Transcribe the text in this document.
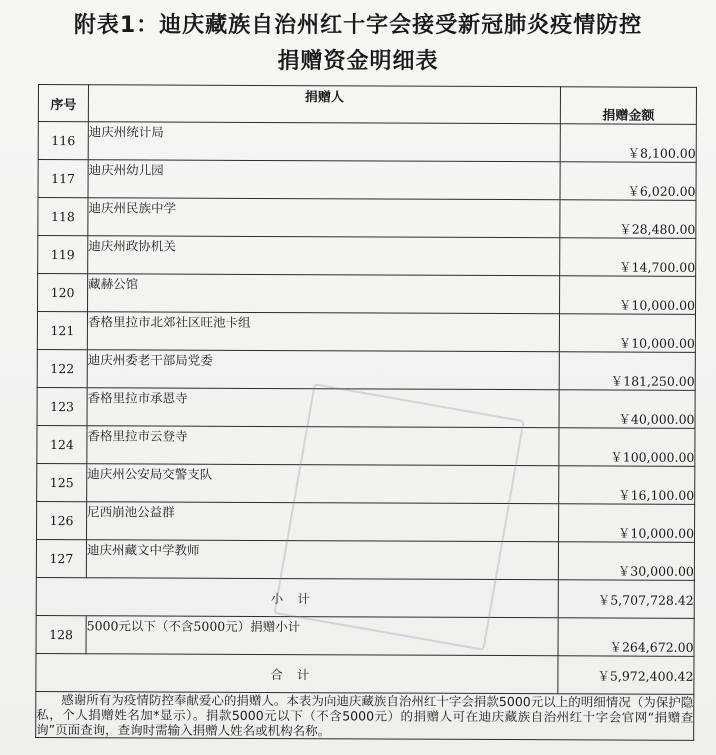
附表1：迪庆藏族自治州红十字会接受新冠肺炎疫情防控
捐赠资金明细表
序号	捐赠人	捐赠金额
116	迪庆州统计局	￥8,100.00
117	迪庆州幼儿园	￥6,020.00
118	迪庆州民族中学	￥28,480.00
119	迪庆州政协机关	￥14,700.00
120	藏赫公馆	￥10,000.00
121	香格里拉市北郊社区旺池卡组	￥10,000.00
122	迪庆州委老干部局党委	￥181,250.00
123	香格里拉市承恩寺	￥40,000.00
124	香格里拉市云登寺	￥100,000.00
125	迪庆州公安局交警支队	￥16,100.00
126	尼西崩池公益群	￥10,000.00
127	迪庆州藏文中学教师	￥30,000.00
小计		￥5,707,728.42
128	5000元以下（不含5000元）捐赠小计	￥264,672.00
合计		￥5,972,400.42
感谢所有为疫情防控奉献爱心的捐赠人。本表为向迪庆藏族自治州红十字会捐款5000元以上的明细情况（为保护隐私，个人捐赠姓名加*显示）。捐款5000元以下（不含5000元）的捐赠人可在迪庆藏族自治州红十字会官网“捐赠查询”页面查询，查询时需输入捐赠人姓名或机构名称。		
